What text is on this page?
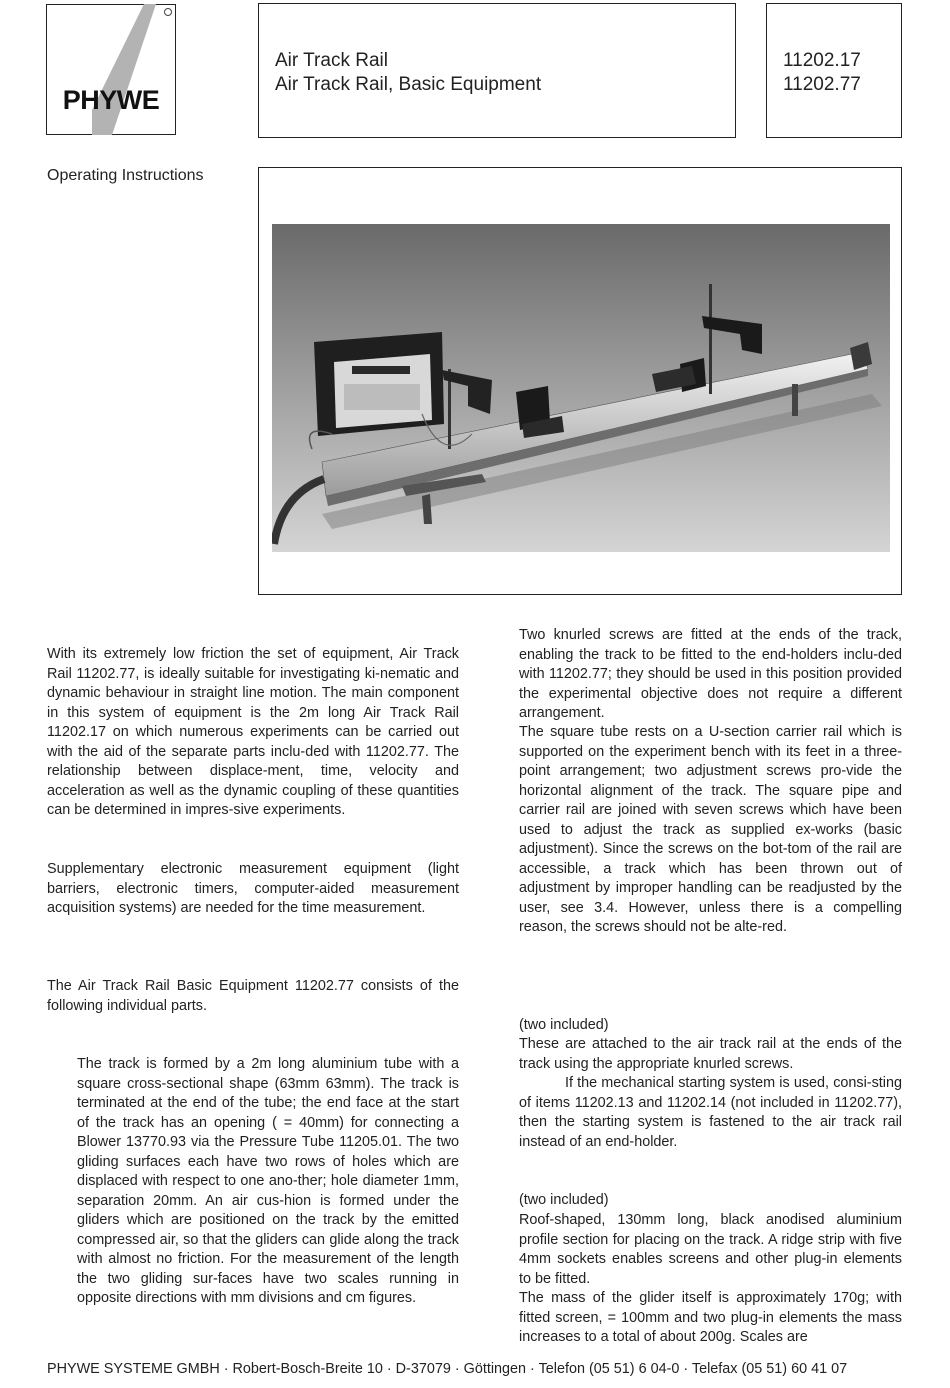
PHYWE
Air Track Rail
Air Track Rail, Basic Equipment
11202.17
11202.77
Operating Instructions

With its extremely low friction the set of equipment, Air Track Rail 11202.77, is ideally suitable for investigating ki-nematic and dynamic behaviour in straight line motion. The main component in this system of equipment is the 2m long Air Track Rail 11202.17 on which numerous experiments can be carried out with the aid of the separate parts inclu-ded with 11202.77. The relationship between displace-ment, time, velocity and acceleration as well as the dynamic coupling of these quantities can be determined in impres-sive experiments.

Supplementary electronic measurement equipment (light barriers, electronic timers, computer-aided measurement acquisition systems) are needed for the time measurement.

The Air Track Rail Basic Equipment 11202.77 consists of the following individual parts.

The track is formed by a 2m long aluminium tube with a square cross-sectional shape (63mm 63mm). The track is terminated at the end of the tube; the end face at the start of the track has an opening ( = 40mm) for connecting a Blower 13770.93 via the Pressure Tube 11205.01. The two gliding surfaces each have two rows of holes which are displaced with respect to one ano-ther; hole diameter 1mm, separation 20mm. An air cus-hion is formed under the gliders which are positioned on the track by the emitted compressed air, so that the gliders can glide along the track with almost no friction. For the measurement of the length the two gliding sur-faces have two scales running in opposite directions with mm divisions and cm figures.

Two knurled screws are fitted at the ends of the track, enabling the track to be fitted to the end-holders inclu-ded with 11202.77; they should be used in this position provided the experimental objective does not require a different arrangement.

The square tube rests on a U-section carrier rail which is supported on the experiment bench with its feet in a three-point arrangement; two adjustment screws pro-vide the horizontal alignment of the track. The square pipe and carrier rail are joined with seven screws which have been used to adjust the track as supplied ex-works (basic adjustment). Since the screws on the bot-tom of the rail are accessible, a track which has been thrown out of adjustment by improper handling can be readjusted by the user, see 3.4. However, unless there is a compelling reason, the screws should not be alte-red.

(two included)

These are attached to the air track rail at the ends of the track using the appropriate knurled screws.

If the mechanical starting system is used, consi-sting of items 11202.13 and 11202.14 (not included in 11202.77), then the starting system is fastened to the air track rail instead of an end-holder.

(two included)

Roof-shaped, 130mm long, black anodised aluminium profile section for placing on the track. A ridge strip with five 4mm sockets enables screens and other plug-in elements to be fitted.

The mass of the glider itself is approximately 170g; with fitted screen, = 100mm and two plug-in elements the mass increases to a total of about 200g. Scales are

PHYWE SYSTEME GMBH · Robert-Bosch-Breite 10 · D-37079 · Göttingen · Telefon (05 51) 6 04-0 · Telefax (05 51) 60 41 07
